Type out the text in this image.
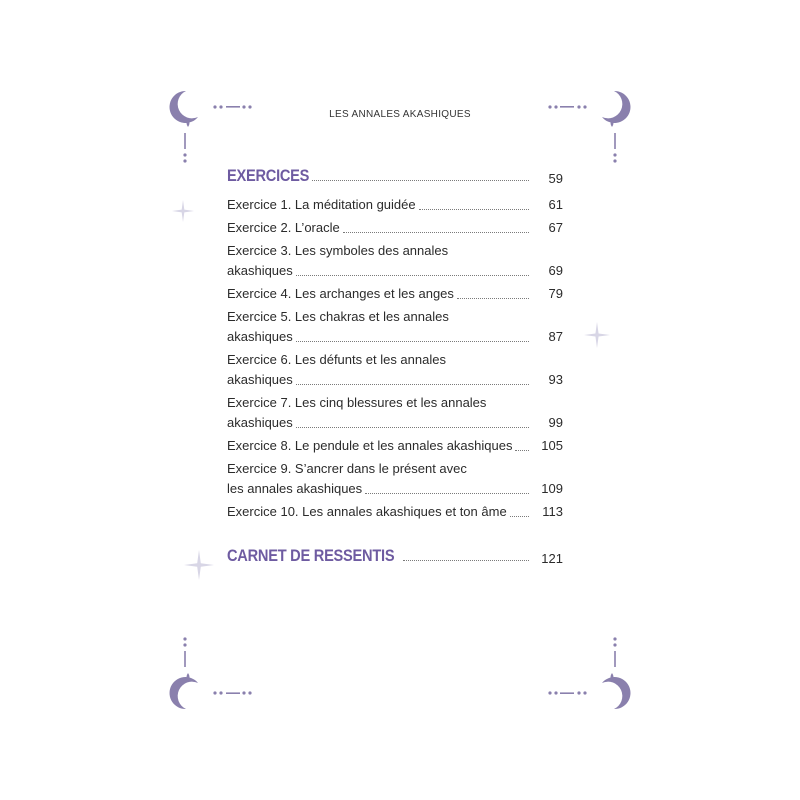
LES ANNALES AKASHIQUES
EXERCICES	59
Exercice 1. La méditation guidée	61
Exercice 2. L’oracle	67
Exercice 3. Les symboles des annales
akashiques	69
Exercice 4. Les archanges et les anges	79
Exercice 5. Les chakras et les annales
akashiques	87
Exercice 6. Les défunts et les annales
akashiques	93
Exercice 7. Les cinq blessures et les annales
akashiques	99
Exercice 8. Le pendule et les annales akashiques 105
Exercice 9. S’ancrer dans le présent avec
les annales akashiques	109
Exercice 10. Les annales akashiques et ton âme	113
CARNET DE RESSENTIS	121
